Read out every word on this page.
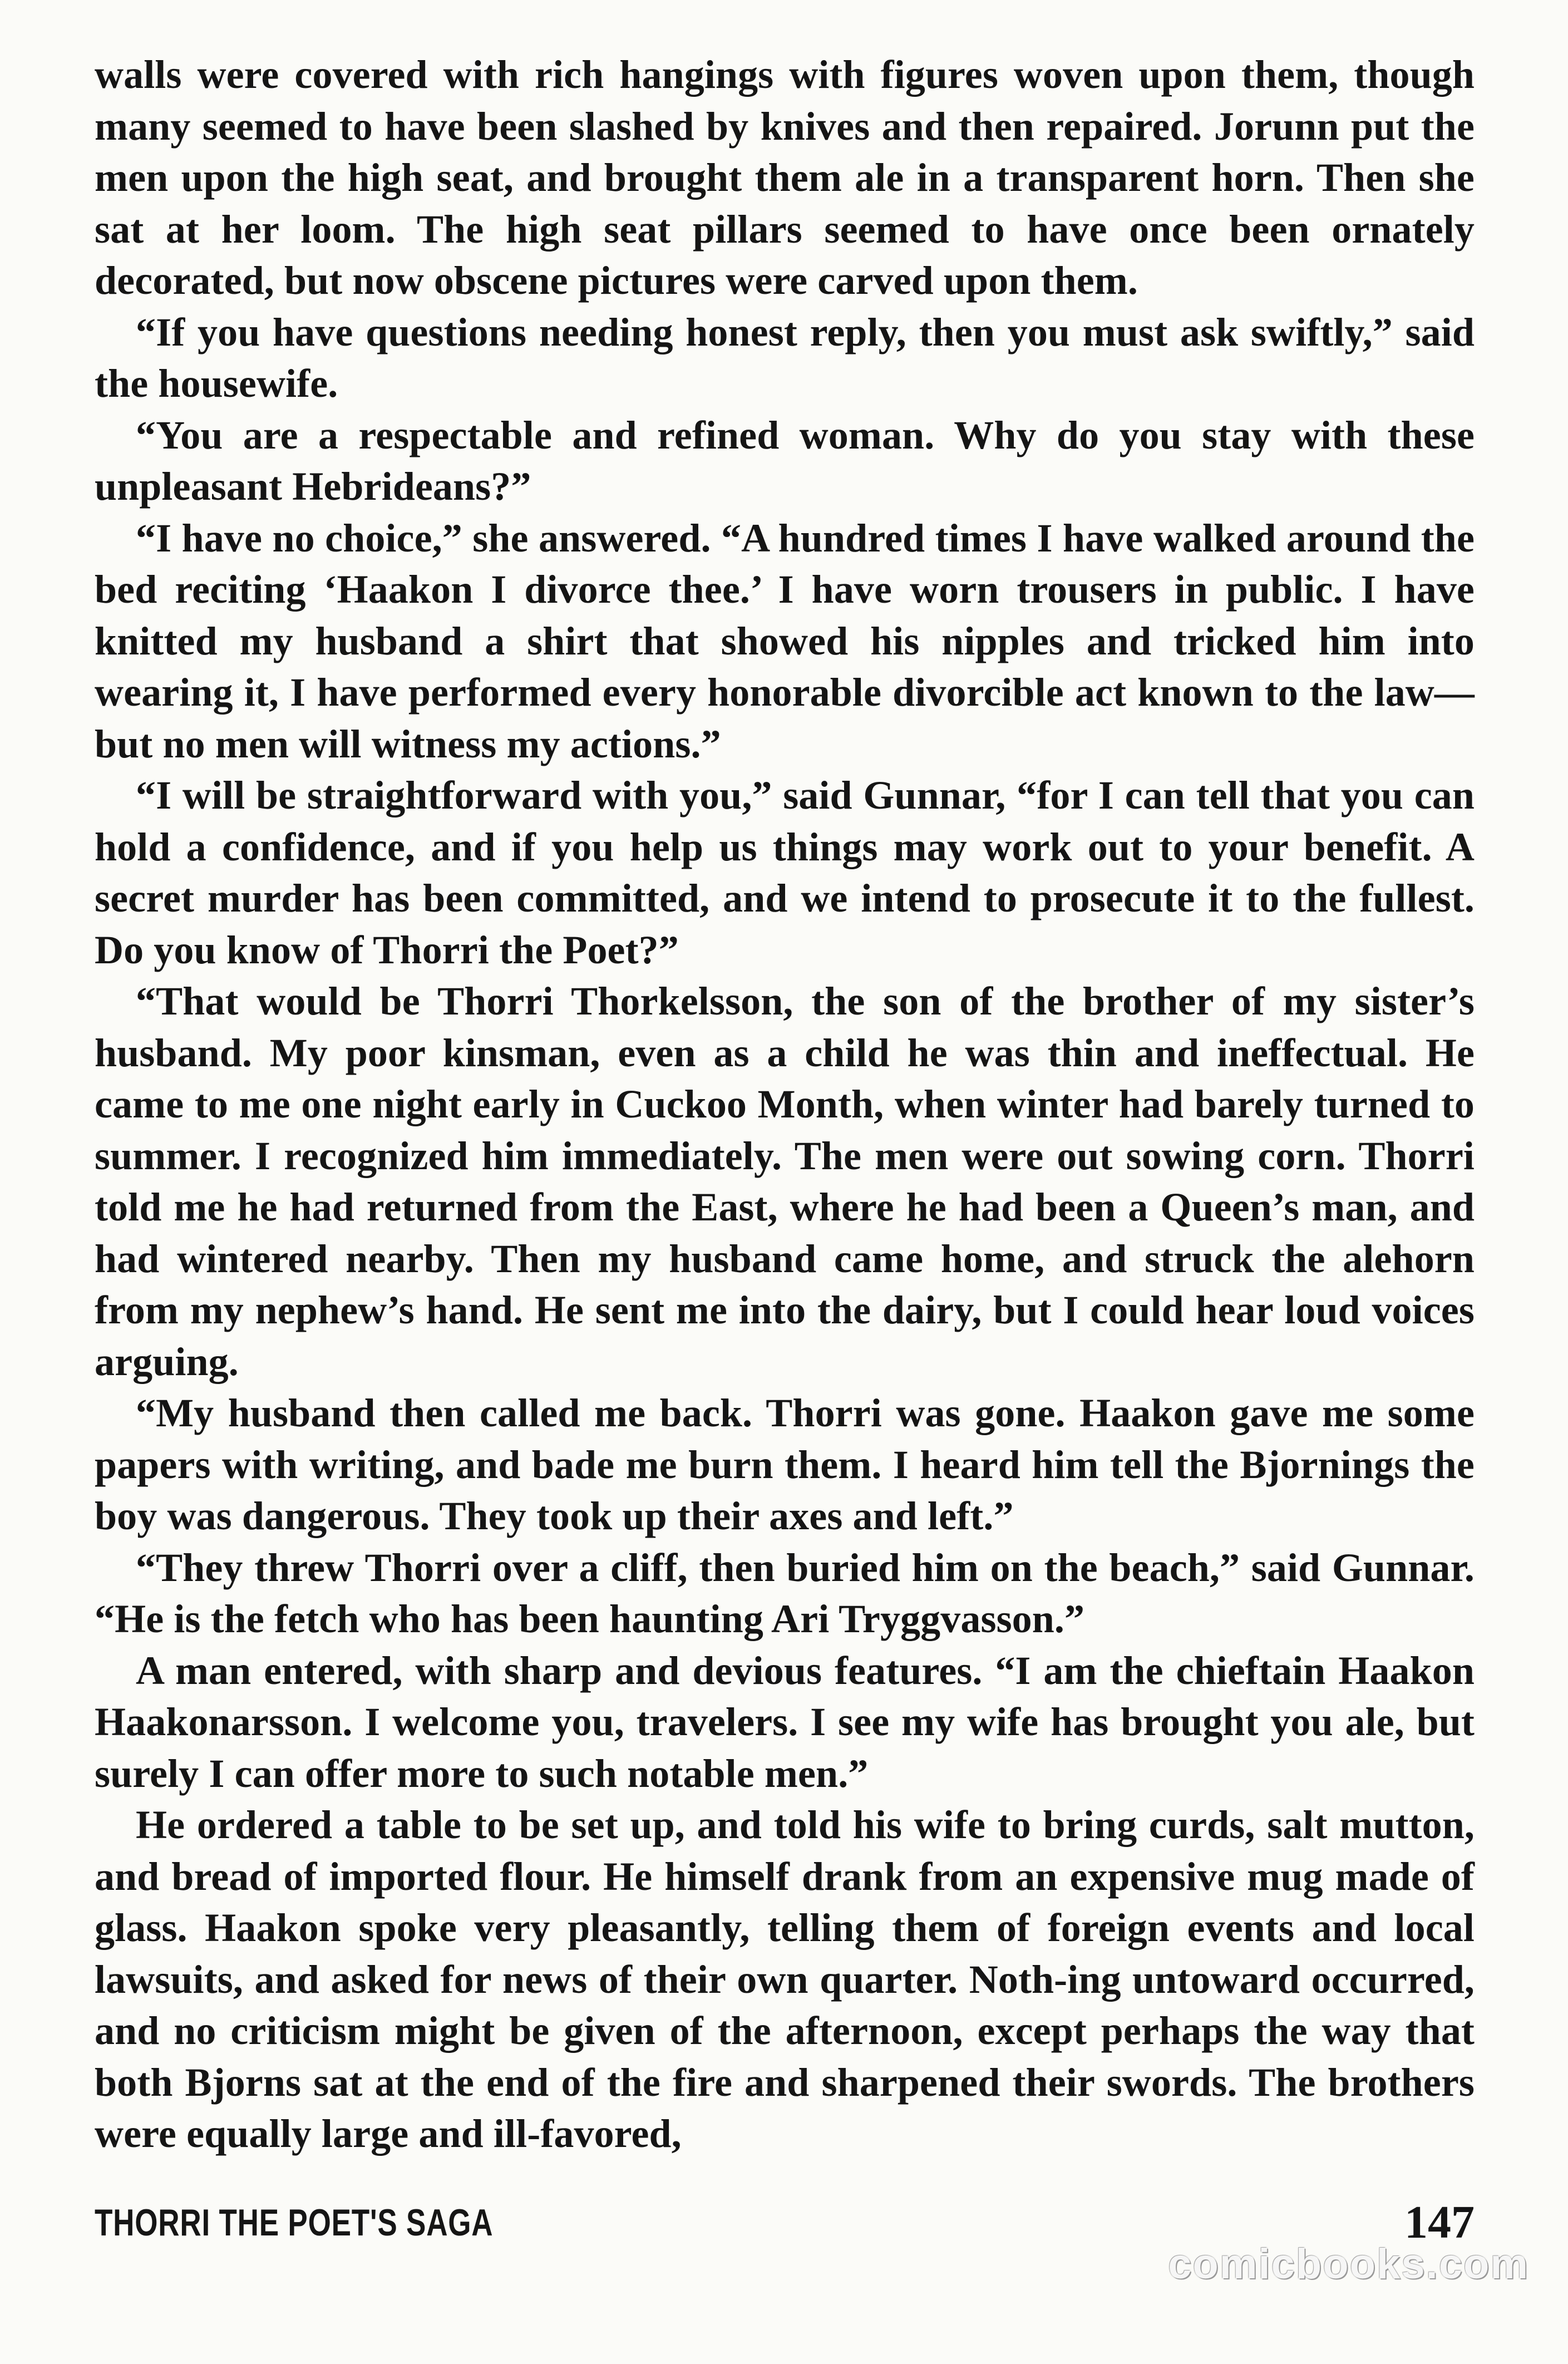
walls were covered with rich hangings with figures woven upon them, though many seemed to have been slashed by knives and then repaired. Jorunn put the men upon the high seat, and brought them ale in a transparent horn. Then she sat at her loom. The high seat pillars seemed to have once been ornately decorated, but now obscene pictures were carved upon them.

“If you have questions needing honest reply, then you must ask swiftly,” said the housewife.

“You are a respectable and refined woman. Why do you stay with these unpleasant Hebrideans?”

“I have no choice,” she answered. “A hundred times I have walked around the bed reciting ‘Haakon I divorce thee.’ I have worn trousers in public. I have knitted my husband a shirt that showed his nipples and tricked him into wearing it, I have performed every honorable divorcible act known to the law—but no men will witness my actions.”

“I will be straightforward with you,” said Gunnar, “for I can tell that you can hold a confidence, and if you help us things may work out to your benefit. A secret murder has been committed, and we intend to prosecute it to the fullest. Do you know of Thorri the Poet?”

“That would be Thorri Thorkelsson, the son of the brother of my sister’s husband. My poor kinsman, even as a child he was thin and ineffectual. He came to me one night early in Cuckoo Month, when winter had barely turned to summer. I recognized him immediately. The men were out sowing corn. Thorri told me he had returned from the East, where he had been a Queen’s man, and had wintered nearby. Then my husband came home, and struck the alehorn from my nephew’s hand. He sent me into the dairy, but I could hear loud voices arguing.

“My husband then called me back. Thorri was gone. Haakon gave me some papers with writing, and bade me burn them. I heard him tell the Bjornings the boy was dangerous. They took up their axes and left.”

“They threw Thorri over a cliff, then buried him on the beach,” said Gunnar. “He is the fetch who has been haunting Ari Tryggvasson.”

A man entered, with sharp and devious features. “I am the chieftain Haakon Haakonarsson. I welcome you, travelers. I see my wife has brought you ale, but surely I can offer more to such notable men.”

He ordered a table to be set up, and told his wife to bring curds, salt mutton, and bread of imported flour. He himself drank from an expensive mug made of glass. Haakon spoke very pleasantly, telling them of foreign events and local lawsuits, and asked for news of their own quarter. Noth-ing untoward occurred, and no criticism might be given of the afternoon, except perhaps the way that both Bjorns sat at the end of the fire and sharpened their swords. The brothers were equally large and ill-favored,

THORRI THE POET'S SAGA	147
comicbooks.com
